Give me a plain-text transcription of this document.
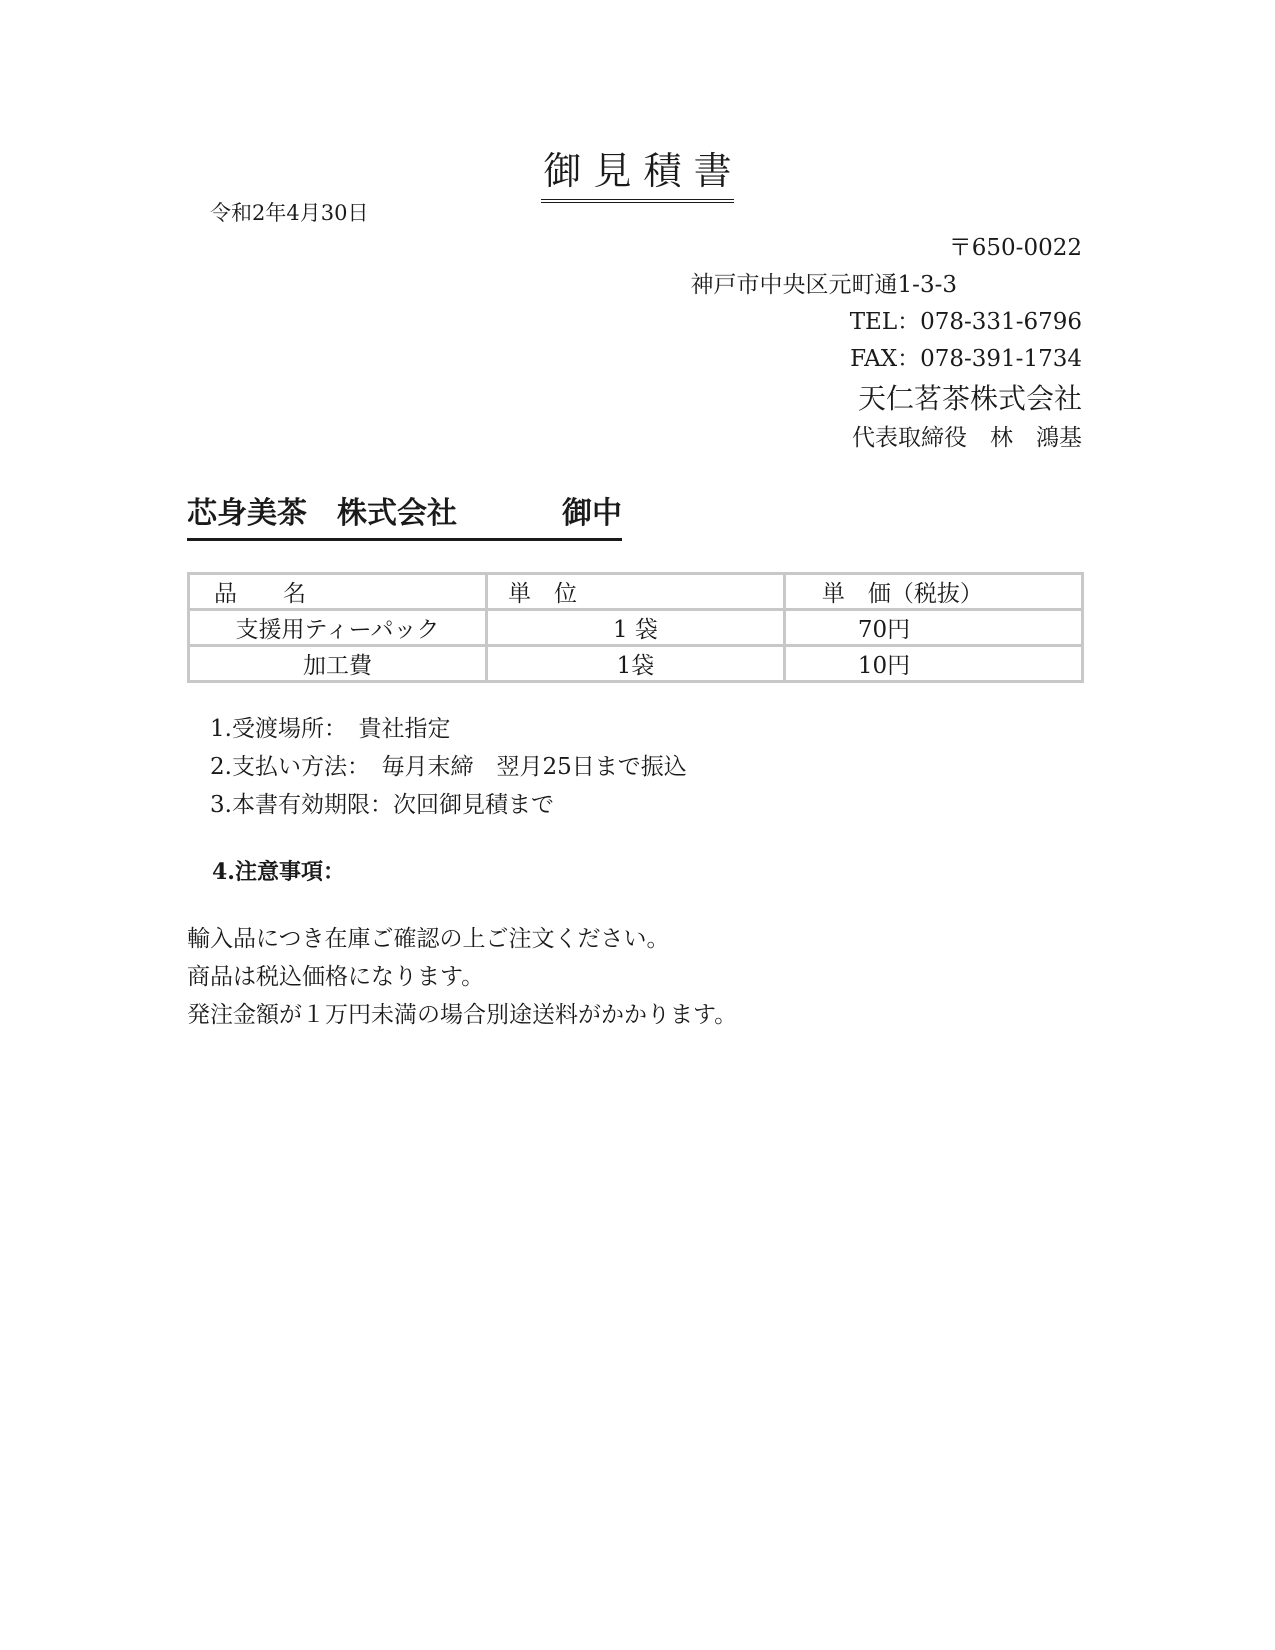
御 見 積 書
令和2年4月30日
〒650-0022
神戸市中央区元町通1-3-3
TEL：078-331-6796
FAX：078-391-1734
天仁茗茶株式会社
代表取締役　林　鴻基
芯身美茶　株式会社	御中
品　　名	単　位	単　価（税抜）
支援用ティーパック	1 袋	70円
加工費	1袋	10円
1.受渡場所：　貴社指定
2.支払い方法：　毎月末締　翌月25日まで振込
3.本書有効期限：次回御見積まで
4.注意事項：
輸入品につき在庫ご確認の上ご注文ください。
商品は税込価格になります。
発注金額が１万円未満の場合別途送料がかかります。
